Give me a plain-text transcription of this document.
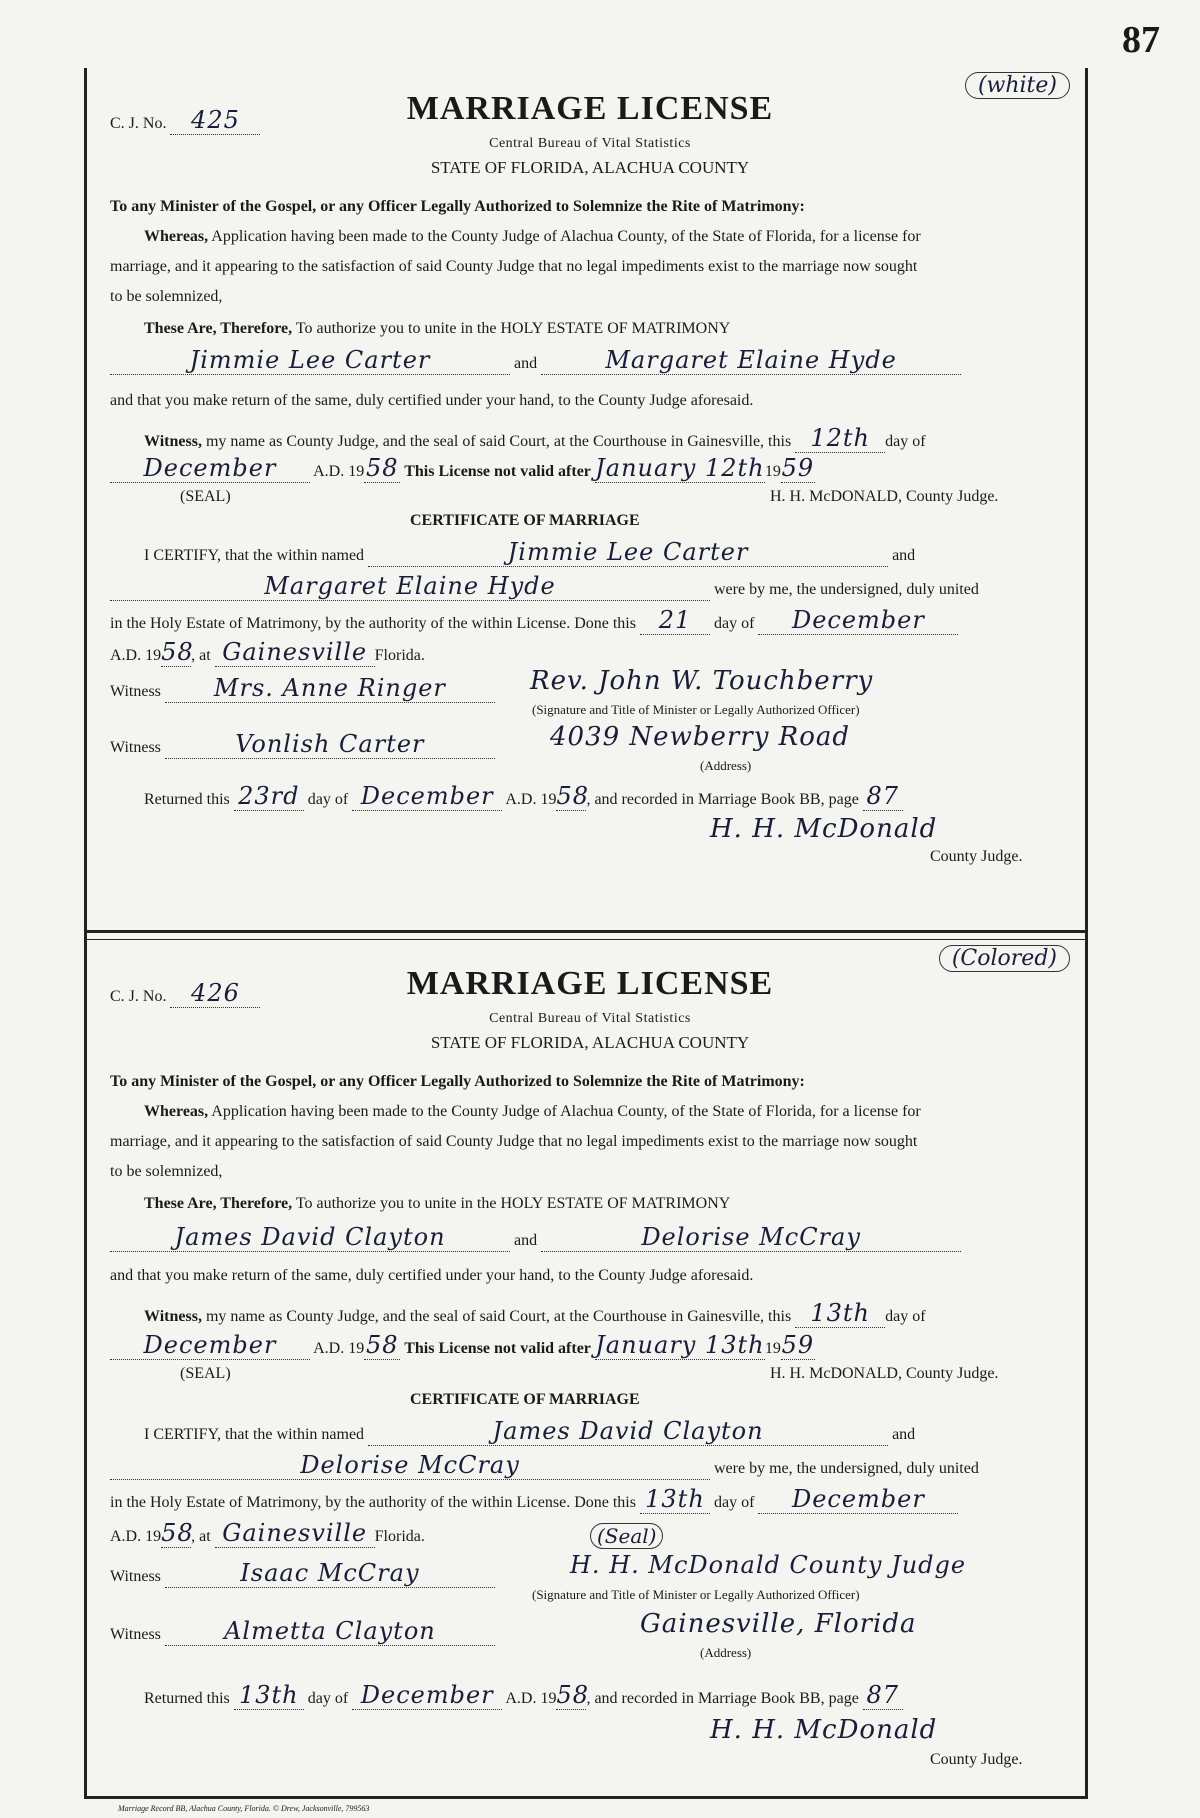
87
(white)
C. J. No. 425	MARRIAGE LICENSE
Central Bureau of Vital Statistics
STATE OF FLORIDA, ALACHUA COUNTY
To any Minister of the Gospel, or any Officer Legally Authorized to Solemnize the Rite of Matrimony:
Whereas, Application having been made to the County Judge of Alachua County, of the State of Florida, for a license for
marriage, and it appearing to the satisfaction of said County Judge that no legal impediments exist to the marriage now sought
to be solemnized,
These Are, Therefore, To authorize you to unite in the HOLY ESTATE OF MATRIMONY
Jimmie Lee Carter	and	Margaret Elaine Hyde
and that you make return of the same, duly certified under your hand, to the County Judge aforesaid.
Witness, my name as County Judge, and the seal of said Court, at the Courthouse in Gainesville, this 12th day of
December A.D. 1958 This License not valid after January 12th1959
(SEAL)	H. H. McDONALD, County Judge.
CERTIFICATE OF MARRIAGE
I CERTIFY, that the within named	Jimmie Lee Carter	and
Margaret Elaine Hyde	were by me, the undersigned, duly united
in the Holy Estate of Matrimony, by the authority of the within License. Done this 21 day of December
A.D. 1958, at Gainesville Florida.
Witness Mrs. Anne Ringer	Rev. John W. Touchberry
(Signature and Title of Minister or Legally Authorized Officer)
Witness	Vonlish Carter	4039 Newberry Road
(Address)
Returned this 23rd day of December A.D. 1958, and recorded in Marriage Book BB, page 87
H. H. McDonald
County Judge.
(Colored)
C. J. No. 426	MARRIAGE LICENSE
Central Bureau of Vital Statistics
STATE OF FLORIDA, ALACHUA COUNTY
To any Minister of the Gospel, or any Officer Legally Authorized to Solemnize the Rite of Matrimony:
Whereas, Application having been made to the County Judge of Alachua County, of the State of Florida, for a license for
marriage, and it appearing to the satisfaction of said County Judge that no legal impediments exist to the marriage now sought
to be solemnized,
These Are, Therefore, To authorize you to unite in the HOLY ESTATE OF MATRIMONY
James David Clayton	and	Delorise McCray
and that you make return of the same, duly certified under your hand, to the County Judge aforesaid.
Witness, my name as County Judge, and the seal of said Court, at the Courthouse in Gainesville, this 13th day of
December A.D. 1958 This License not valid after January 13th1959
(SEAL)	H. H. McDONALD, County Judge.
CERTIFICATE OF MARRIAGE
I CERTIFY, that the within named	James David Clayton	and
Delorise McCray	were by me, the undersigned, duly united
in the Holy Estate of Matrimony, by the authority of the within License. Done this 13th day of December
A.D. 1958, at Gainesville Florida.	(Seal)
Witness	Isaac McCray	H. H. McDonald County Judge
(Signature and Title of Minister or Legally Authorized Officer)
Witness	Almetta Clayton	Gainesville, Florida
(Address)
Returned this 13th day of December A.D. 1958, and recorded in Marriage Book BB, page 87
H. H. McDonald
County Judge.
Marriage Record BB, Alachua County, Florida. © Drew, Jacksonville, 799563
